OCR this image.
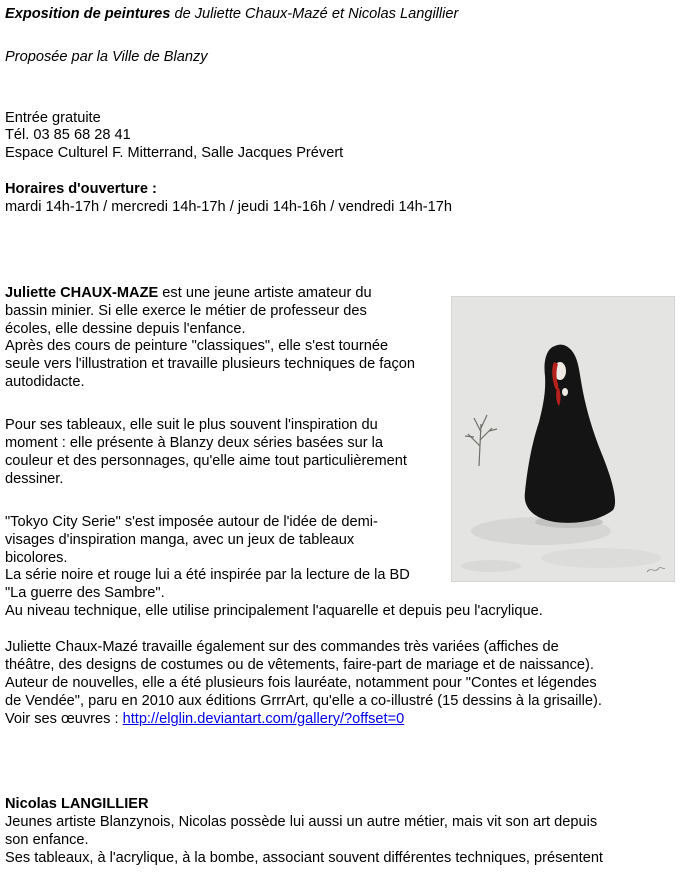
Exposition de peintures de Juliette Chaux-Mazé et Nicolas Langillier
Proposée par la Ville de Blanzy
Entrée gratuite
Tél. 03 85 68 28 41
Espace Culturel F. Mitterrand, Salle Jacques Prévert
Horaires d'ouverture :
mardi 14h-17h / mercredi 14h-17h / jeudi 14h-16h / vendredi 14h-17h
Juliette CHAUX-MAZE est une jeune artiste amateur du
bassin minier. Si elle exerce le métier de professeur des
écoles, elle dessine depuis l'enfance.
Après des cours de peinture "classiques", elle s'est tournée
seule vers l'illustration et travaille plusieurs techniques de façon
autodidacte.
Pour ses tableaux, elle suit le plus souvent l'inspiration du
moment : elle présente à Blanzy deux séries basées sur la
couleur et des personnages, qu'elle aime tout particulièrement
dessiner.
"Tokyo City Serie" s'est imposée autour de l'idée de demi-
visages d'inspiration manga, avec un jeux de tableaux
bicolores.
La série noire et rouge lui a été inspirée par la lecture de la BD
"La guerre des Sambre".
Au niveau technique, elle utilise principalement l'aquarelle et depuis peu l'acrylique.
Juliette Chaux-Mazé travaille également sur des commandes très variées (affiches de
théâtre, des designs de costumes ou de vêtements, faire-part de mariage et de naissance).
Auteur de nouvelles, elle a été plusieurs fois lauréate, notamment pour "Contes et légendes
de Vendée", paru en 2010 aux éditions GrrrArt, qu'elle a co-illustré (15 dessins à la grisaille).
Voir ses œuvres : http://elglin.deviantart.com/gallery/?offset=0
Nicolas LANGILLIER
Jeunes artiste Blanzynois, Nicolas possède lui aussi un autre métier, mais vit son art depuis
son enfance.
Ses tableaux, à l'acrylique, à la bombe, associant souvent différentes techniques, présentent
